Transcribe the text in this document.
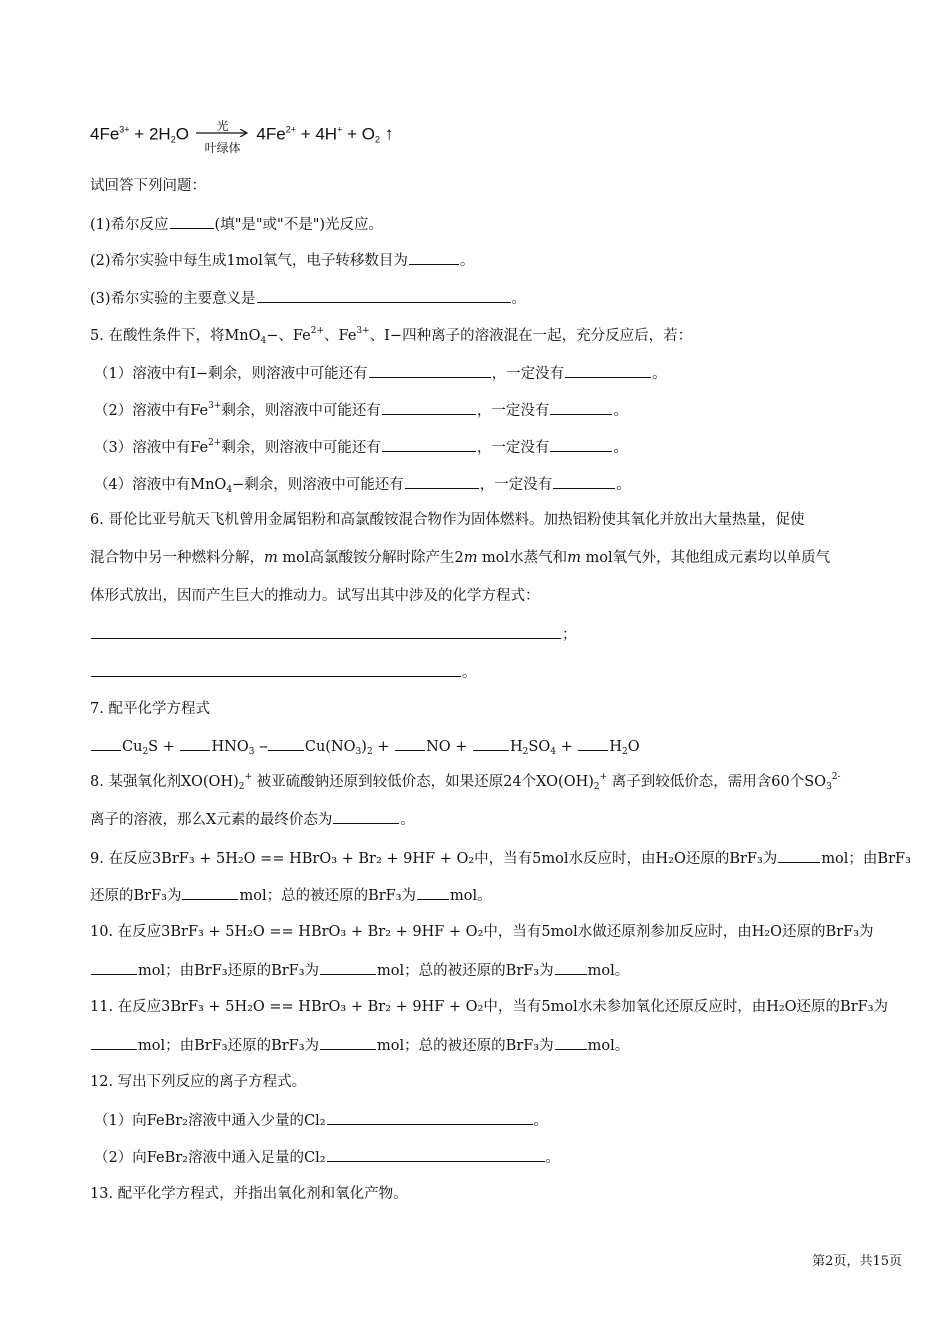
$4Fe^{3+} + 2H_2O$	光
叶绿体
$4Fe^{2+} + 4H^+ + O_2$ ↑
试回答下列问题：
(1)希尔反应	(填"是"或"不是")光反应。
(2)希尔实验中每生成1mol氧气，电子转移数目为	。
(3)希尔实验的主要意义是	。
5. 在酸性条件下，将MnO$_4$−、$Fe^{2+}$、$Fe^{3+}$、I−四种离子的溶液混在一起，充分反应后，若：
（1）溶液中有I−剩余，则溶液中可能还有	，一定没有	。
（2）溶液中有$Fe^{3+}$剩余，则溶液中可能还有	，一定没有	。
（3）溶液中有$Fe^{2+}$剩余，则溶液中可能还有	，一定没有	。
（4）溶液中有MnO$_4$−剩余，则溶液中可能还有	，一定没有	。
6. 哥伦比亚号航天飞机曾用金属铝粉和高氯酸铵混合物作为固体燃料。加热铝粉使其氧化并放出大量热量，促使
混合物中另一种燃料分解，m mol高氯酸铵分解时除产生2m mol水蒸气和m mol氧气外，其他组成元素均以单质气
体形式放出，因而产生巨大的推动力。试写出其中涉及的化学方程式：
；
。
7. 配平化学方程式
$Cu_2S$ +	$HNO_3$ --	$Cu(NO_3)_2$ +	NO +	$H_2SO_4$ +	$H_2O$
8. 某强氧化剂$XO(OH)_2^+$ 被亚硫酸钠还原到较低价态，如果还原24个$XO(OH)_2^+$ 离子到较低价态，需用含60个$SO_3^{2-}$
离子的溶液，那么X元素的最终价态为	。
9. 在反应3BrF₃ + 5H₂O == HBrO₃ + Br₂ + 9HF + O₂中，当有5mol水反应时，由H₂O还原的BrF₃为	mol；由BrF₃
还原的BrF₃为	mol；总的被还原的BrF₃为 mol。
10. 在反应3BrF₃ + 5H₂O == HBrO₃ + Br₂ + 9HF + O₂中，当有5mol水做还原剂参加反应时，由H₂O还原的BrF₃为
mol；由BrF₃还原的BrF₃为	mol；总的被还原的BrF₃为 mol。
11. 在反应3BrF₃ + 5H₂O == HBrO₃ + Br₂ + 9HF + O₂中，当有5mol水未参加氧化还原反应时，由H₂O还原的BrF₃为
mol；由BrF₃还原的BrF₃为	mol；总的被还原的BrF₃为 mol。
12. 写出下列反应的离子方程式。
（1）向FeBr₂溶液中通入少量的Cl₂	。
（2）向FeBr₂溶液中通入足量的Cl₂	。
13. 配平化学方程式，并指出氧化剂和氧化产物。
第2页，共15页
